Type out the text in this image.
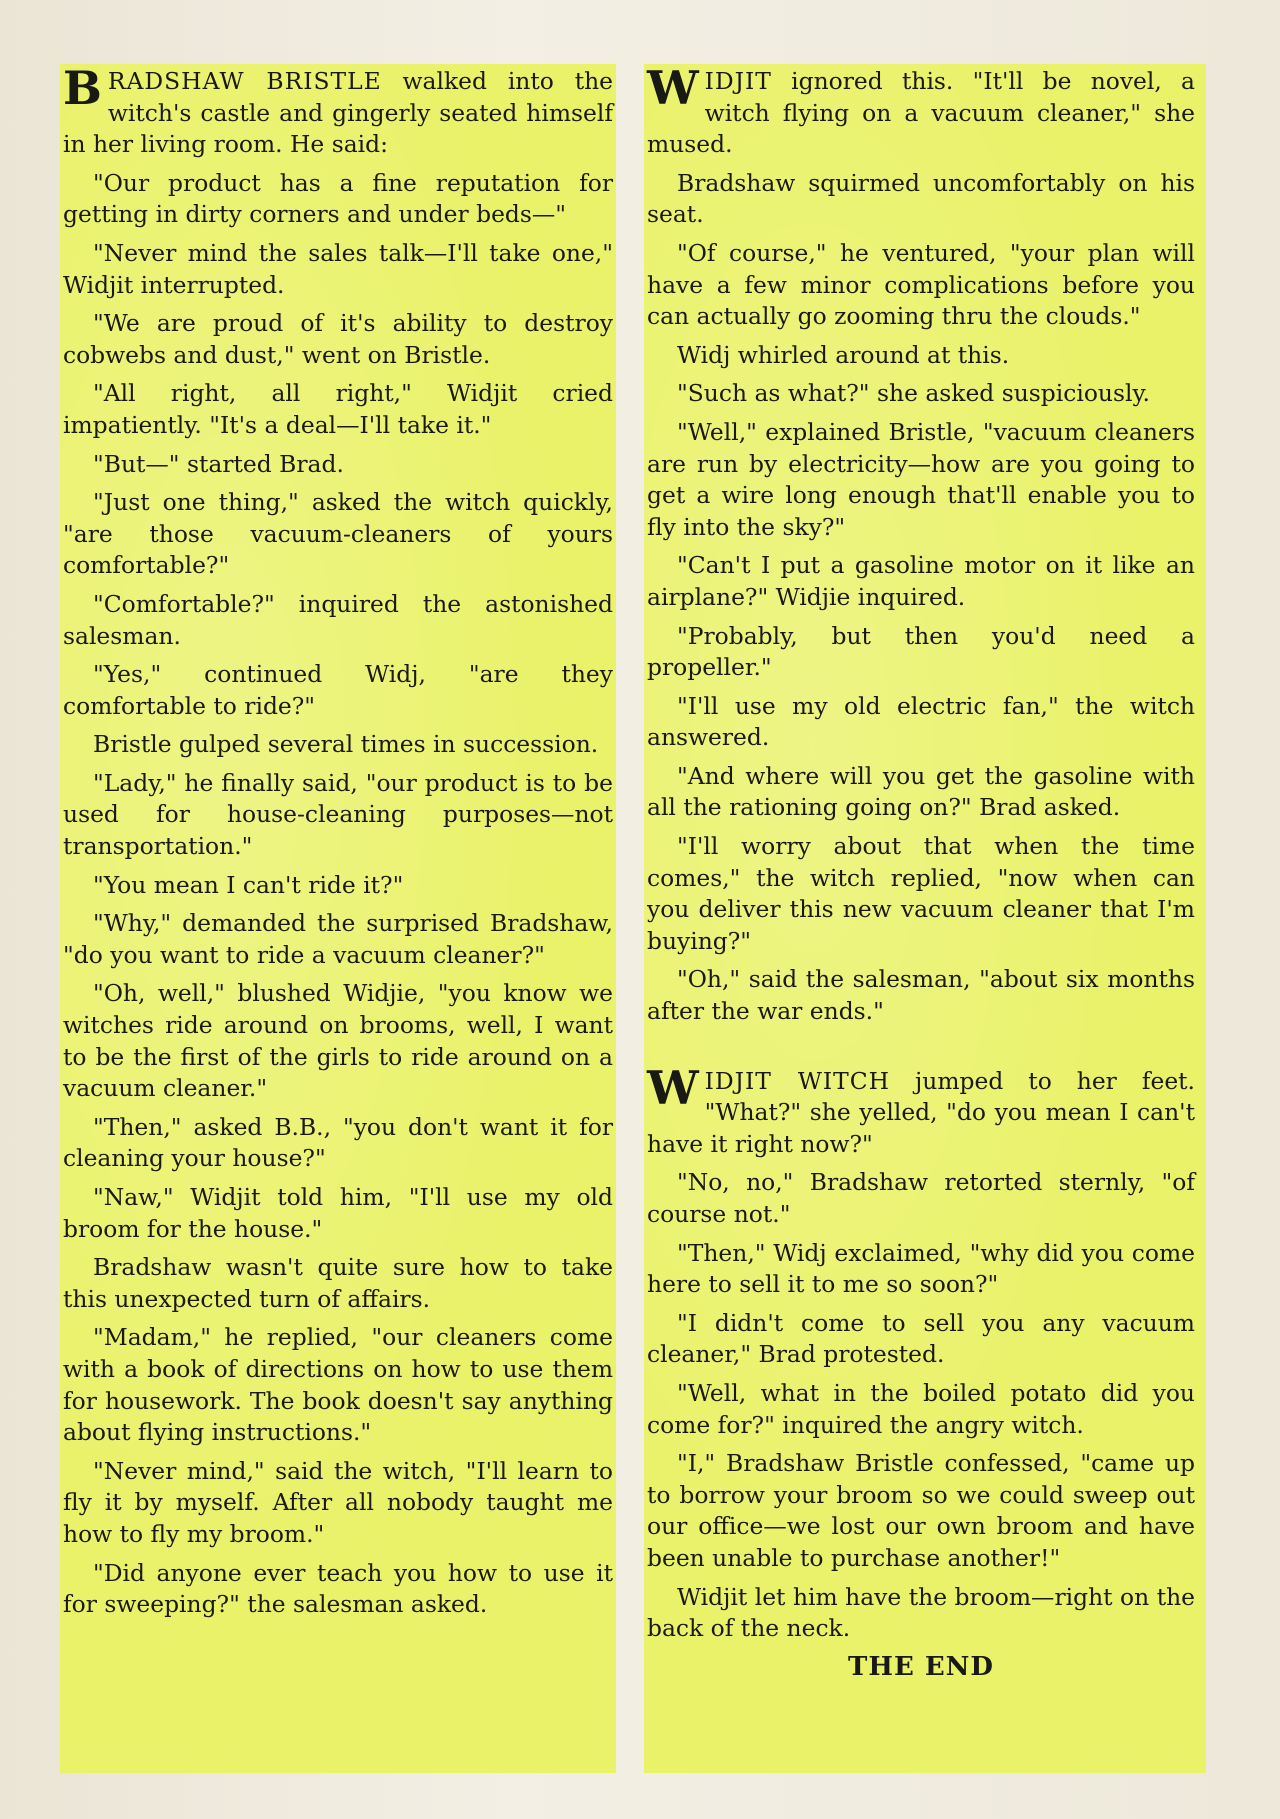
BRADSHAW BRISTLE walked into the witch's castle and gingerly seated himself in her living room. He said:

"Our product has a fine reputation for getting in dirty corners and under beds—"

"Never mind the sales talk—I'll take one," Widjit interrupted.

"We are proud of it's ability to destroy cobwebs and dust," went on Bristle.

"All right, all right," Widjit cried impatiently. "It's a deal—I'll take it."

"But—" started Brad.

"Just one thing," asked the witch quickly, "are those vacuum-cleaners of yours comfortable?"

"Comfortable?" inquired the astonished salesman.

"Yes," continued Widj, "are they comfortable to ride?"

Bristle gulped several times in succession.

"Lady," he finally said, "our product is to be used for house-cleaning purposes—not transportation."

"You mean I can't ride it?"

"Why," demanded the surprised Bradshaw, "do you want to ride a vacuum cleaner?"

"Oh, well," blushed Widjie, "you know we witches ride around on brooms, well, I want to be the first of the girls to ride around on a vacuum cleaner."

"Then," asked B.B., "you don't want it for cleaning your house?"

"Naw," Widjit told him, "I'll use my old broom for the house."

Bradshaw wasn't quite sure how to take this unexpected turn of affairs.

"Madam," he replied, "our cleaners come with a book of directions on how to use them for housework. The book doesn't say anything about flying instructions."

"Never mind," said the witch, "I'll learn to fly it by myself. After all nobody taught me how to fly my broom."

"Did anyone ever teach you how to use it for sweeping?" the salesman asked.

WIDJIT ignored this. "It'll be novel, a witch flying on a vacuum cleaner," she mused.

Bradshaw squirmed uncomfortably on his seat.

"Of course," he ventured, "your plan will have a few minor complications before you can actually go zooming thru the clouds."

Widj whirled around at this.

"Such as what?" she asked suspiciously.

"Well," explained Bristle, "vacuum cleaners are run by electricity—how are you going to get a wire long enough that'll enable you to fly into the sky?"

"Can't I put a gasoline motor on it like an airplane?" Widjie inquired.

"Probably, but then you'd need a propeller."

"I'll use my old electric fan," the witch answered.

"And where will you get the gasoline with all the rationing going on?" Brad asked.

"I'll worry about that when the time comes," the witch replied, "now when can you deliver this new vacuum cleaner that I'm buying?"

"Oh," said the salesman, "about six months after the war ends."

WIDJIT WITCH jumped to her feet. "What?" she yelled, "do you mean I can't have it right now?"

"No, no," Bradshaw retorted sternly, "of course not."

"Then," Widj exclaimed, "why did you come here to sell it to me so soon?"

"I didn't come to sell you any vacuum cleaner," Brad protested.

"Well, what in the boiled potato did you come for?" inquired the angry witch.

"I," Bradshaw Bristle confessed, "came up to borrow your broom so we could sweep out our office—we lost our own broom and have been unable to purchase another!"

Widjit let him have the broom—right on the back of the neck.

THE END
